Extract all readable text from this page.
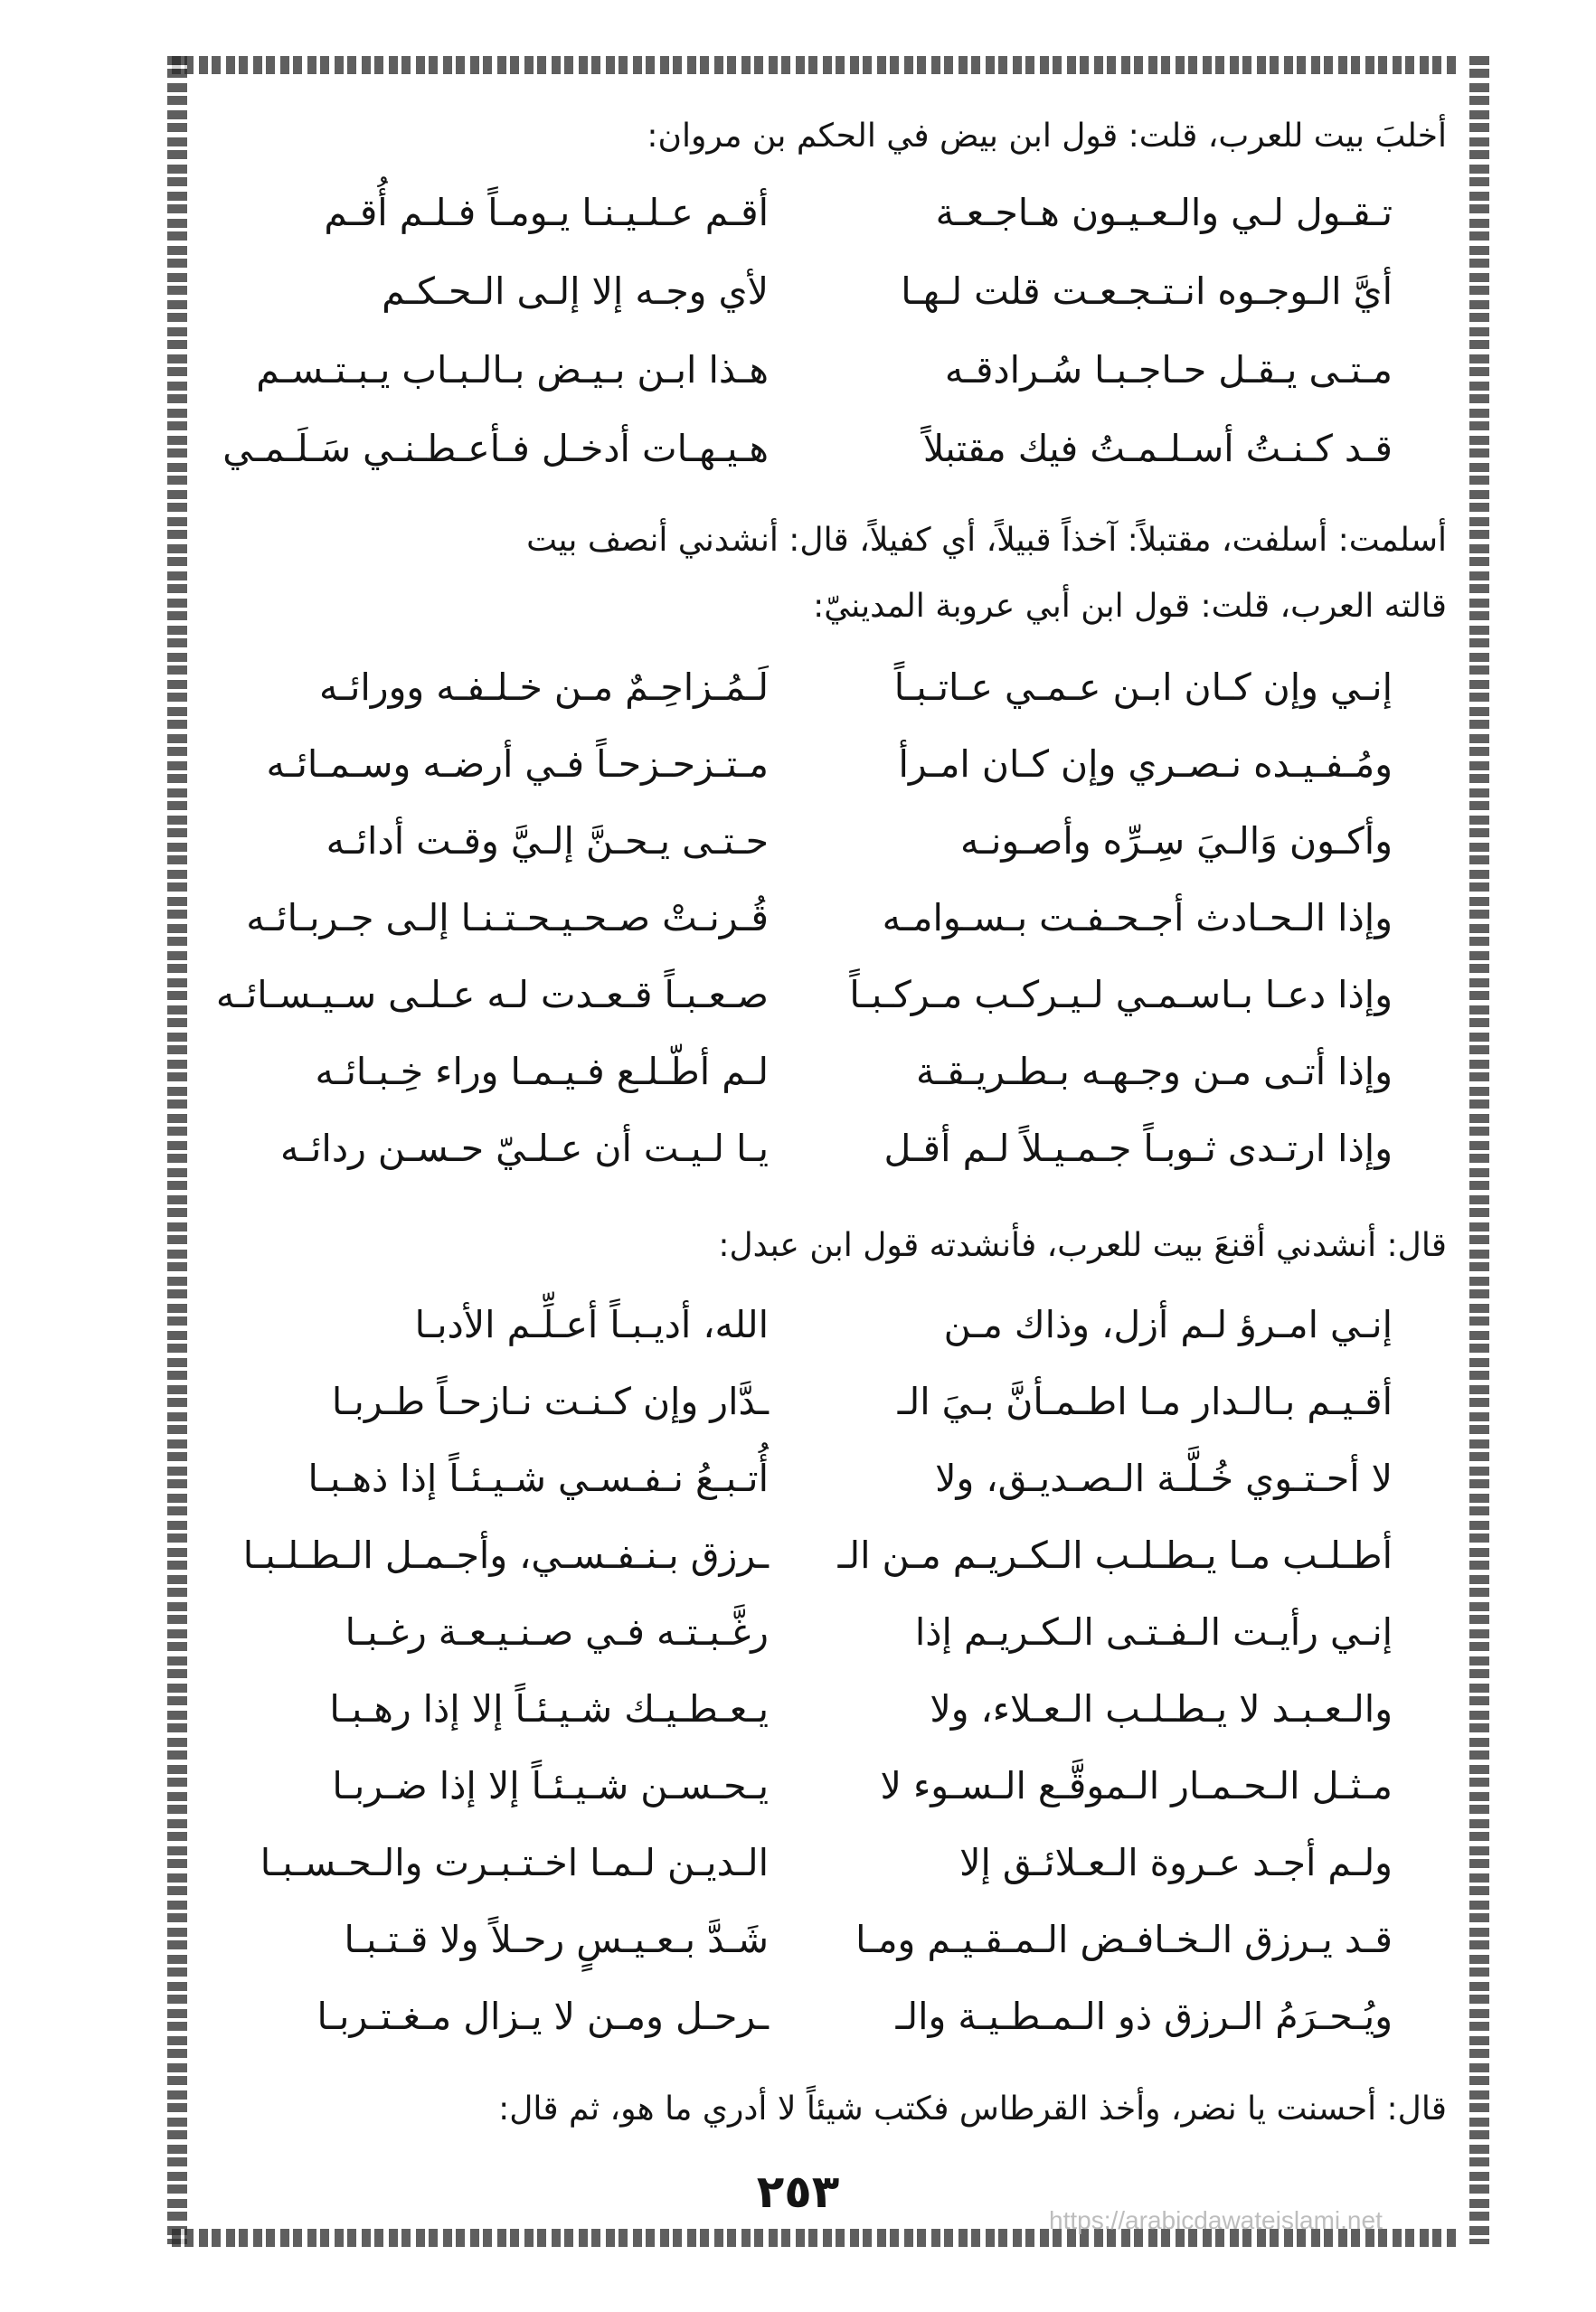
أخلبَ بيت للعرب، قلت: قول ابن بيض في الحكم بن مروان:
تـقـول لـي والـعـيـون هـاجـعـة
أقـم عـلـيـنـا يـومـاً فـلـم أُقـم
أيَّ الـوجـوه انـتـجـعـت قلت لـهـا
لأي وجـه إلا إلـى الـحـكـم
مـتـى يـقـل حـاجـبـا سُـرادقـه
هـذا ابـن بـيـض بـالـبـاب يـبـتـسـم
قـد كـنـتُ أسـلـمـتُ فيك مقتبلاً
هـيـهـات أدخـل فـأعـطـنـي سَـلَـمـي
أسلمت: أسلفت، مقتبلاً: آخذاً قبيلاً، أي كفيلاً، قال: أنشدني أنصف بيت
قالته العرب، قلت: قول ابن أبي عروبة المدينيّ:
إنـي وإن كـان ابـن عـمـي عـاتـبـاً
لَـمُـزاحِـمٌ مـن خـلـفـه وورائـه
ومُـفـيـده نـصـري وإن كـان امـرأ
مـتـزحـزحـاً فـي أرضـه وسـمـائـه
وأكـون وَالـيَ سِـرِّه وأصـونـه
حـتـى يـحـنَّ إلـيَّ وقـت أدائـه
وإذا الـحـادث أجـحـفـت بـسـوامـه
قُـرنـتْ صـحـيـحـتـنـا إلـى جـربـائـه
وإذا دعـا بـاسـمـي لـيـركـب مـركـبـاً
صـعـبـاً قـعـدت لـه عـلـى سـيـسـائـه
وإذا أتـى مـن وجـهـه بـطـريـقـة
لـم أطّـلـع فـيـمـا وراء خِـبـائـه
وإذا ارتـدى ثـوبـاً جـمـيـلاً لـم أقـل
يـا لـيـت أن عـلـيّ حـسـن ردائـه
قال: أنشدني أقنعَ بيت للعرب، فأنشدته قول ابن عبدل:
إنـي امـرؤ لـم أزل، وذاك مـن
الله، أديـبـاً أعـلِّـم الأدبـا
أقـيـم بـالـدار مـا اطـمـأنَّ بـيَ الـ
ـدَّار وإن كـنـت نـازحـاً طـربـا
لا أحـتـوي خُـلَّـة الـصـديـق، ولا
أُتـبـعُ نـفـسـي شـيـئـاً إذا ذهـبـا
أطـلـب مـا يـطـلـب الـكـريـم مـن الـ
ـرزق بـنـفـسـي، وأجـمـل الـطـلـبـا
إنـي رأيـت الـفـتـى الـكـريـم إذا
رغَّـبـتـه فـي صـنـيـعـة رغـبـا
والـعـبـد لا يـطـلـب الـعـلاء، ولا
يـعـطـيـك شـيـئـاً إلا إذا رهـبـا
مـثـل الـحـمـار الـموقَّـع الـسـوء لا
يـحـسـن شـيـئـاً إلا إذا ضـربـا
ولـم أجـد عـروة الـعـلائـق إلا
الـديـن لـمـا اخـتـبـرت والـحـسـبـا
قـد يـرزق الـخـافـض الـمـقـيـم ومـا
شَـدَّ بـعـيـسٍ رحـلاً ولا قـتـبـا
ويُـحـرَمُ الـرزق ذو الـمـطـيـة والـ
ـرحـل ومـن لا يـزال مـغـتـربـا
قال: أحسنت يا نضر، وأخذ القرطاس فكتب شيئاً لا أدري ما هو، ثم قال:
٢٥٣
https://arabicdawateislami.net
